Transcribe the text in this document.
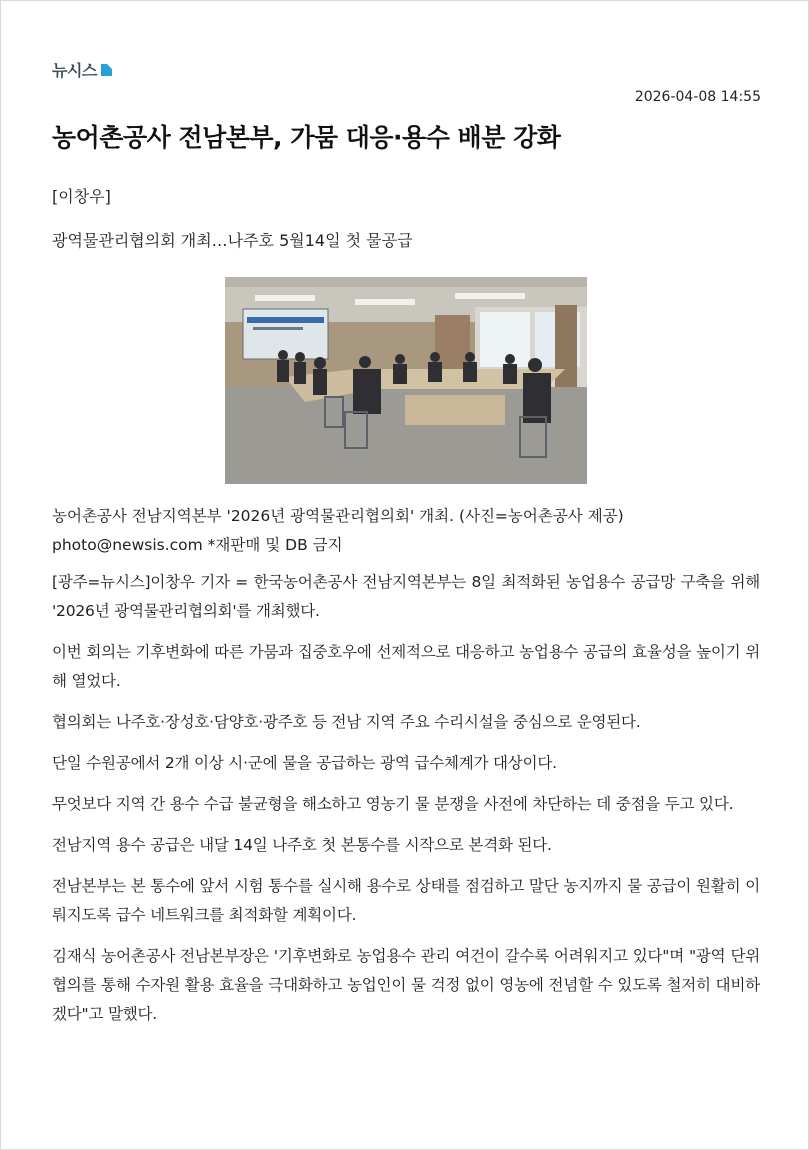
뉴시스
2026-04-08 14:55
농어촌공사 전남본부, 가뭄 대응·용수 배분 강화
[이창우]
광역물관리협의회 개최…나주호 5월14일 첫 물공급
농어촌공사 전남지역본부 '2026년 광역물관리협의회' 개최. (사진=농어촌공사 제공)
photo@newsis.com *재판매 및 DB 금지

[광주=뉴시스]이창우 기자 = 한국농어촌공사 전남지역본부는 8일 최적화된 농업용수 공급망 구축을 위해 '2026년 광역물관리협의회'를 개최했다.

이번 회의는 기후변화에 따른 가뭄과 집중호우에 선제적으로 대응하고 농업용수 공급의 효율성을 높이기 위해 열었다.

협의회는 나주호·장성호·담양호·광주호 등 전남 지역 주요 수리시설을 중심으로 운영된다.

단일 수원공에서 2개 이상 시·군에 물을 공급하는 광역 급수체계가 대상이다.

무엇보다 지역 간 용수 수급 불균형을 해소하고 영농기 물 분쟁을 사전에 차단하는 데 중점을 두고 있다.

전남지역 용수 공급은 내달 14일 나주호 첫 본통수를 시작으로 본격화 된다.

전남본부는 본 통수에 앞서 시험 통수를 실시해 용수로 상태를 점검하고 말단 농지까지 물 공급이 원활히 이뤄지도록 급수 네트워크를 최적화할 계획이다.

김재식 농어촌공사 전남본부장은 '기후변화로 농업용수 관리 여건이 갈수록 어려워지고 있다"며 "광역 단위 협의를 통해 수자원 활용 효율을 극대화하고 농업인이 물 걱정 없이 영농에 전념할 수 있도록 철저히 대비하겠다"고 말했다.
